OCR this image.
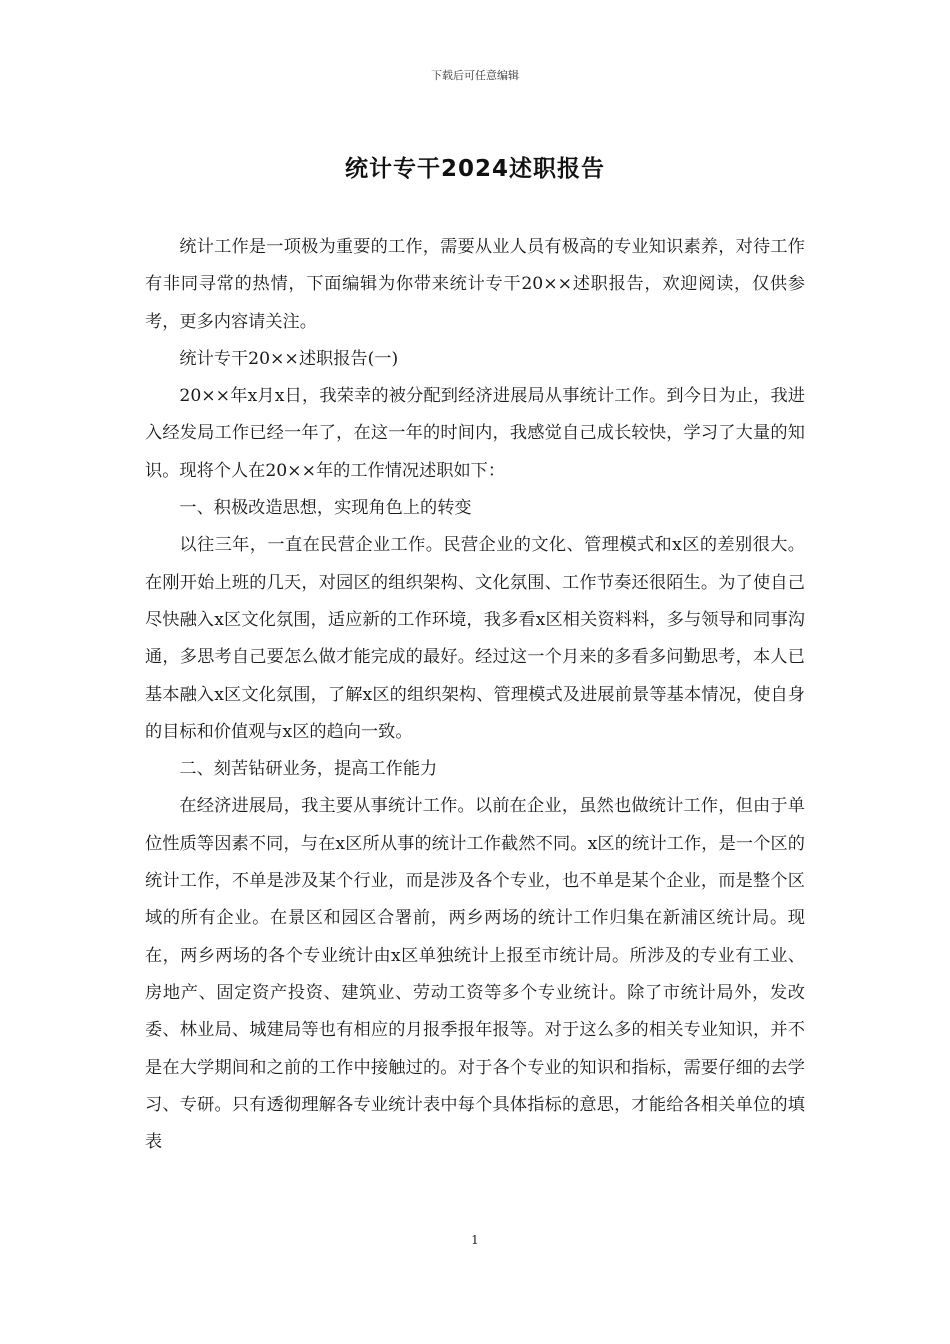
下载后可任意编辑
统计专干2024述职报告

统计工作是一项极为重要的工作，需要从业人员有极高的专业知识素养，对待工作有非同寻常的热情，下面编辑为你带来统计专干20××述职报告，欢迎阅读，仅供参考，更多内容请关注。

统计专干20××述职报告(一)

20××年x月x日，我荣幸的被分配到经济进展局从事统计工作。到今日为止，我进入经发局工作已经一年了，在这一年的时间内，我感觉自己成长较快，学习了大量的知识。现将个人在20××年的工作情况述职如下：

一、积极改造思想，实现角色上的转变

以往三年，一直在民营企业工作。民营企业的文化、管理模式和x区的差别很大。在刚开始上班的几天，对园区的组织架构、文化氛围、工作节奏还很陌生。为了使自己尽快融入x区文化氛围，适应新的工作环境，我多看x区相关资料料，多与领导和同事沟通，多思考自己要怎么做才能完成的最好。经过这一个月来的多看多问勤思考，本人已基本融入x区文化氛围，了解x区的组织架构、管理模式及进展前景等基本情况，使自身的目标和价值观与x区的趋向一致。

二、刻苦钻研业务，提高工作能力

在经济进展局，我主要从事统计工作。以前在企业，虽然也做统计工作，但由于单位性质等因素不同，与在x区所从事的统计工作截然不同。x区的统计工作，是一个区的统计工作，不单是涉及某个行业，而是涉及各个专业，也不单是某个企业，而是整个区域的所有企业。在景区和园区合署前，两乡两场的统计工作归集在新浦区统计局。现在，两乡两场的各个专业统计由x区单独统计上报至市统计局。所涉及的专业有工业、房地产、固定资产投资、建筑业、劳动工资等多个专业统计。除了市统计局外，发改委、林业局、城建局等也有相应的月报季报年报等。对于这么多的相关专业知识，并不是在大学期间和之前的工作中接触过的。对于各个专业的知识和指标，需要仔细的去学习、专研。只有透彻理解各专业统计表中每个具体指标的意思，才能给各相关单位的填表

1
